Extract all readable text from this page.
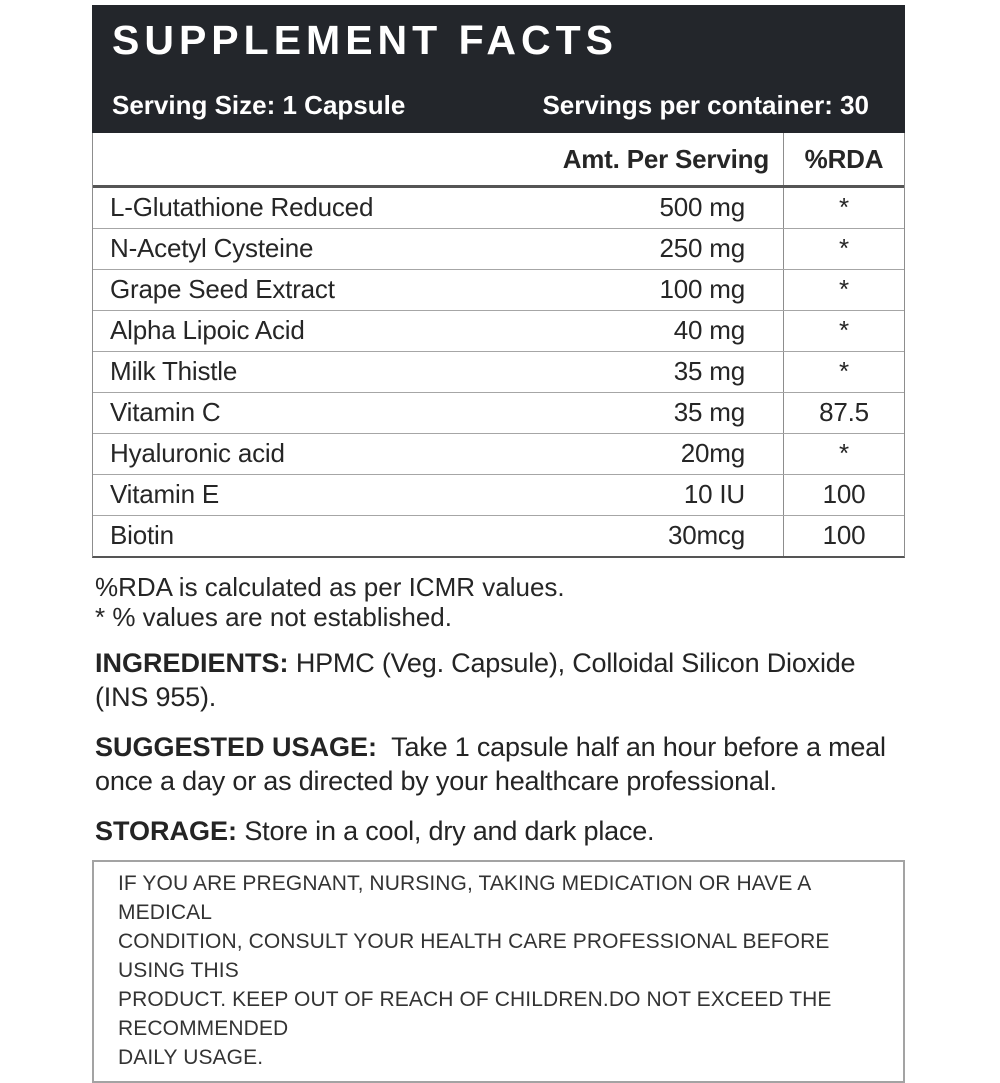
SUPPLEMENT FACTS
Serving Size: 1 Capsule	Servings per container: 30
Amt. Per Serving	%RDA
L-Glutathione Reduced	500 mg	*
N-Acetyl Cysteine	250 mg	*
Grape Seed Extract	100 mg	*
Alpha Lipoic Acid	40 mg	*
Milk Thistle	35 mg	*
Vitamin C	35 mg	87.5
Hyaluronic acid	20mg	*
Vitamin E	10 IU	100
Biotin	30mcg	100
%RDA is calculated as per ICMR values.
* % values are not established.
INGREDIENTS: HPMC (Veg. Capsule), Colloidal Silicon Dioxide
(INS 955).
SUGGESTED USAGE: Take 1 capsule half an hour before a meal
once a day or as directed by your healthcare professional.
STORAGE: Store in a cool, dry and dark place.
IF YOU ARE PREGNANT, NURSING, TAKING MEDICATION OR HAVE A MEDICAL
CONDITION, CONSULT YOUR HEALTH CARE PROFESSIONAL BEFORE USING THIS
PRODUCT. KEEP OUT OF REACH OF CHILDREN.DO NOT EXCEED THE RECOMMENDED
DAILY USAGE.
